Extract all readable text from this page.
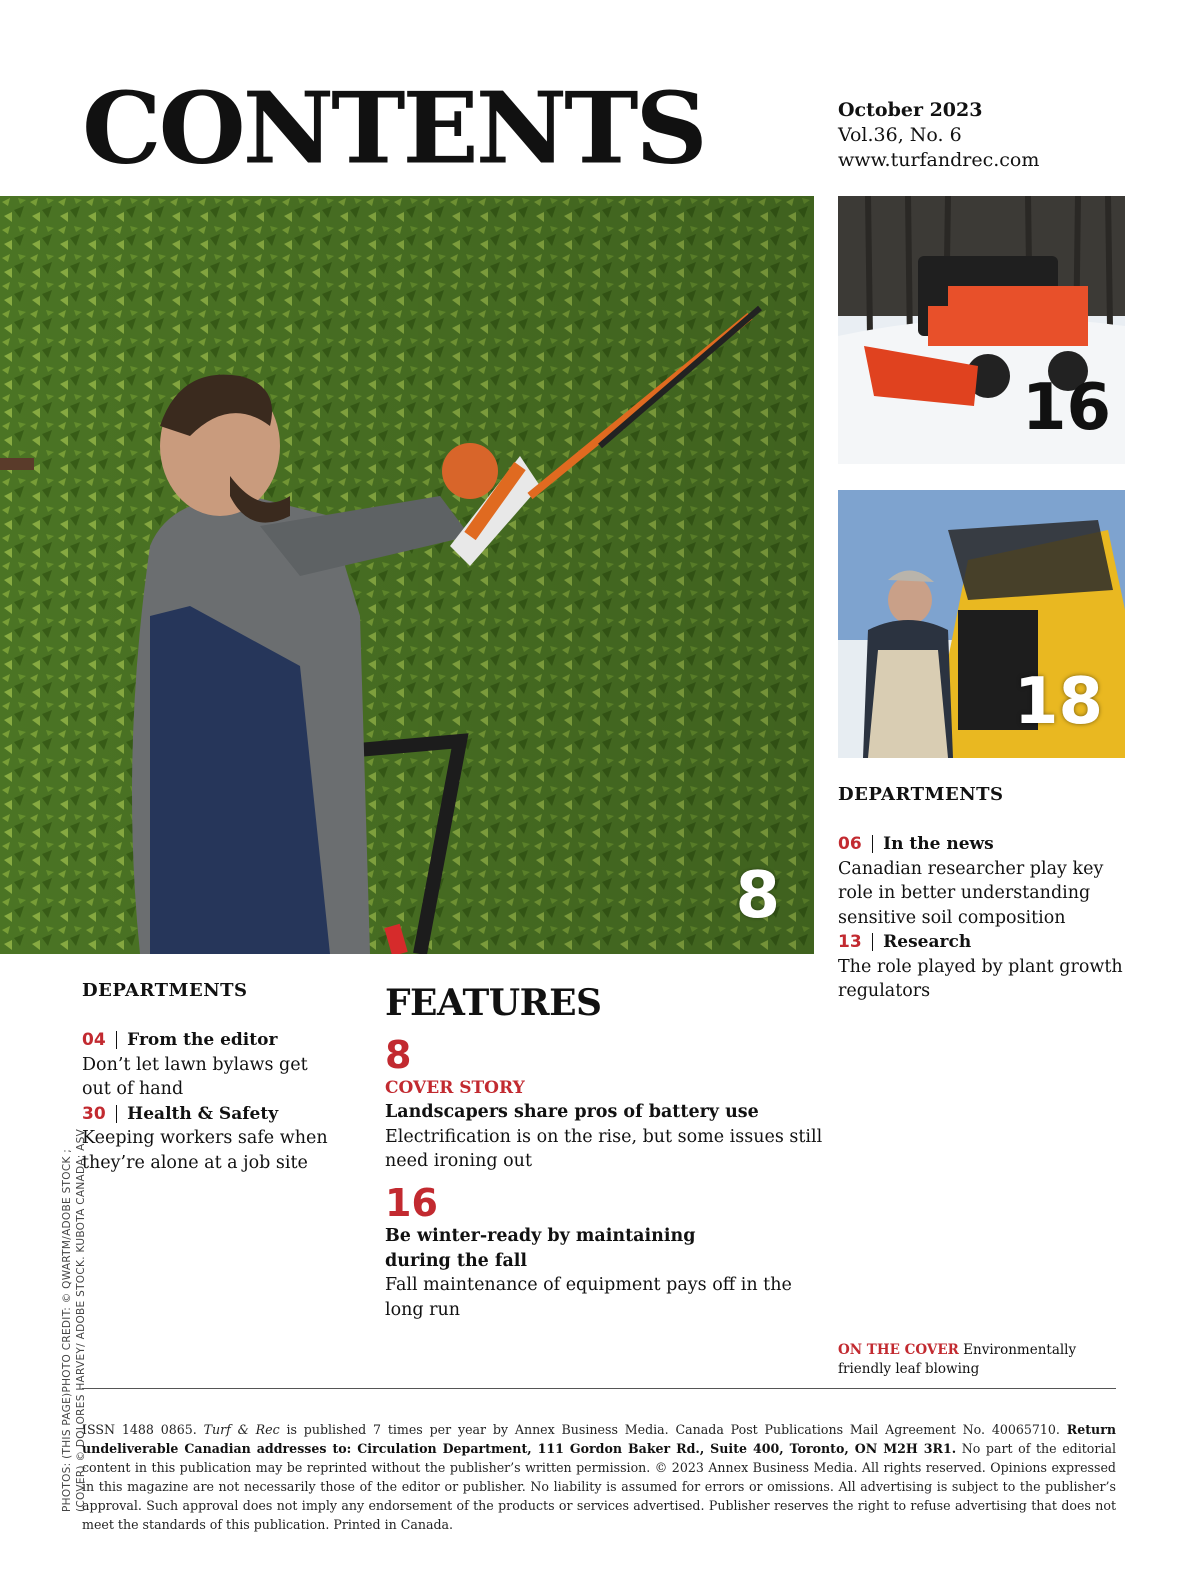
CONTENTS	October 2023
Vol.36, No. 6
www.turfandrec.com
8
16
18
DEPARTMENTS
06 In the news
Canadian researcher play key role in better understanding sensitive soil composition
13 Research
The role played by plant growth regulators
DEPARTMENTS
04 From the editor
Don’t let lawn bylaws get out of hand
30 Health & Safety
Keeping workers safe when they’re alone at a job site
FEATURES
8
COVER STORY
Landscapers share pros of battery use
Electrification is on the rise, but some issues still need ironing out
16
Be winter-ready by maintaining during the fall
Fall maintenance of equipment pays off in the long run
ON THE COVER Environmentally friendly leaf blowing
ISSN 1488 0865. Turf & Rec is published 7 times per year by Annex Business Media. Canada Post Publications Mail Agreement No. 40065710. Return undeliverable Canadian addresses to: Circulation Department, 111 Gordon Baker Rd., Suite 400, Toronto, ON M2H 3R1. No part of the editorial content in this publication may be reprinted without the publisher’s written permission. © 2023 Annex Business Media. All rights reserved. Opinions expressed in this magazine are not necessarily those of the editor or publisher. No liability is assumed for errors or omissions. All advertising is subject to the publisher’s approval. Such approval does not imply any endorsement of the products or services advertised. Publisher reserves the right to refuse advertising that does not meet the standards of this publication. Printed in Canada.
PHOTOS: (THIS PAGE)PHOTO CREDIT: © QWARTM/ADOBE STOCK ; (COVER) © DOLORES HARVEY/ ADOBE STOCK. KUBOTA CANADA; ASV
